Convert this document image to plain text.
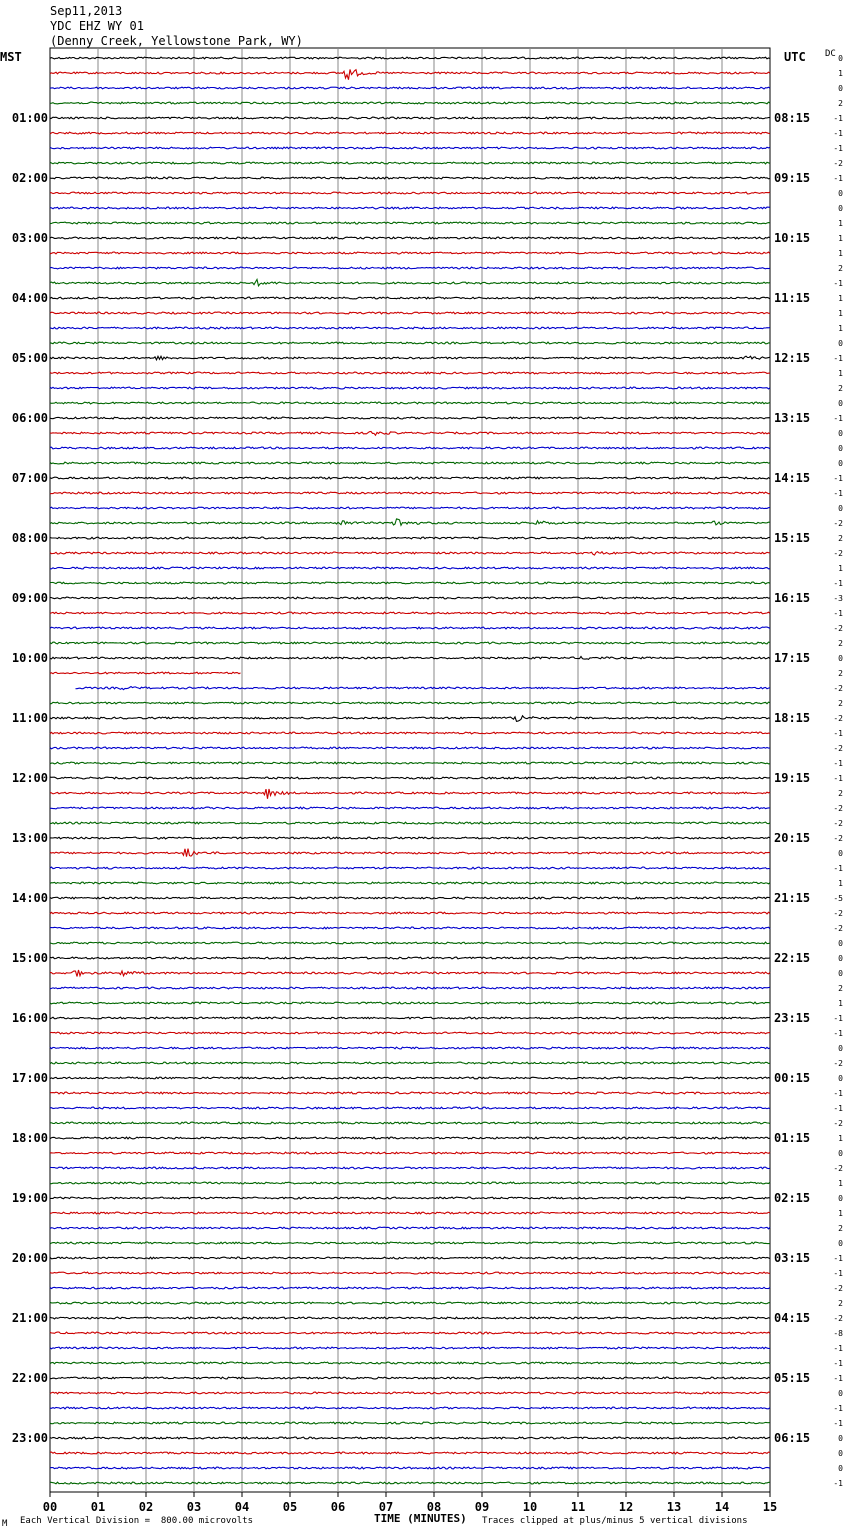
Sep11,2013
YDC EHZ WY 01
(Denny Creek, Yellowstone Park, WY)
MST	UTC DC 0
1
0
2
-1
-1
-1
-2
-1
0
0
1
1
1
2
-1
1
1
1
0
-1
1
2
0
-1
0
0
0
-1
-1
0
-2
2
-2
1
-1
-3
-1
-2
2
0
2
-2
2
-2
-1
-2
-1
-1
2
-2
-2
-2
0
-1
1
-5
-2
-2
0
0
0
2
1
-1
-1
0
-2
0
-1
-1
-2
1
0
-2
1
0
1
2
0
-1
-1
-2
2
-2
-8
-1
-1
-1
0
-1
-1
0
0
0
-1
01:00
02:00
03:00
04:00
05:00
06:00
07:00
08:00
09:00
10:00
11:00
12:00
13:00
14:00
15:00
16:00
17:00
18:00
19:00
20:00
21:00
22:00
23:00
08:15
09:15
10:15
11:15
12:15
13:15
14:15
15:15
16:15
17:15
18:15
19:15
20:15
21:15
22:15
23:15
00:15
01:15
02:15
03:15
04:15
05:15
06:15
00	01	02	03	04	05	06	07	08	09	10	11	12	13	14	15
M Each Vertical Division =  800.00 microvolts	TIME (MINUTES) Traces clipped at plus/minus 5 vertical divisions
